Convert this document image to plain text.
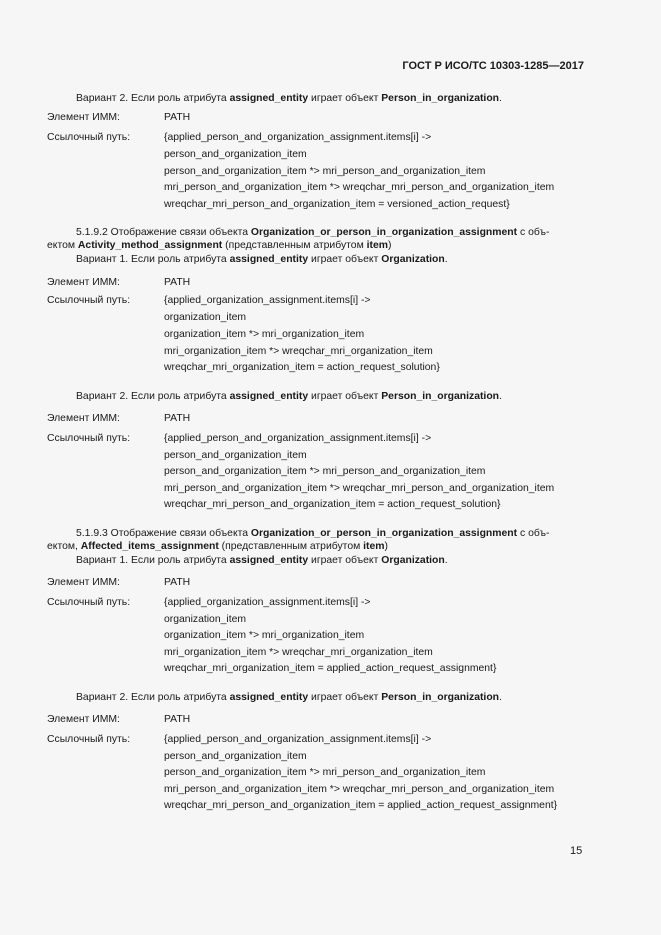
ГОСТ Р ИСО/ТС 10303-1285—2017
Вариант 2. Если роль атрибута assigned_entity играет объект Person_in_organization.
Элемент ИММ:	PATH
Ссылочный путь:	{applied_person_and_organization_assignment.items[i] ->
person_and_organization_item
person_and_organization_item *> mri_person_and_organization_item
mri_person_and_organization_item *> wreqchar_mri_person_and_organization_item
wreqchar_mri_person_and_organization_item = versioned_action_request}
5.1.9.2 Отображение связи объекта Organization_or_person_in_organization_assignment с объ-
ектом Activity_method_assignment (представленным атрибутом item)
Вариант 1. Если роль атрибута assigned_entity играет объект Organization.
Элемент ИММ:	PATH
Ссылочный путь:	{applied_organization_assignment.items[i] ->
organization_item
organization_item *> mri_organization_item
mri_organization_item *> wreqchar_mri_organization_item
wreqchar_mri_organization_item = action_request_solution}
Вариант 2. Если роль атрибута assigned_entity играет объект Person_in_organization.
Элемент ИММ:	PATH
Ссылочный путь:	{applied_person_and_organization_assignment.items[i] ->
person_and_organization_item
person_and_organization_item *> mri_person_and_organization_item
mri_person_and_organization_item *> wreqchar_mri_person_and_organization_item
wreqchar_mri_person_and_organization_item = action_request_solution}
5.1.9.3 Отображение связи объекта Organization_or_person_in_organization_assignment с объ-
ектом, Affected_items_assignment (представленным атрибутом item)
Вариант 1. Если роль атрибута assigned_entity играет объект Organization.
Элемент ИММ:	PATH
Ссылочный путь:	{applied_organization_assignment.items[i] ->
organization_item
organization_item *> mri_organization_item
mri_organization_item *> wreqchar_mri_organization_item
wreqchar_mri_organization_item = applied_action_request_assignment}
Вариант 2. Если роль атрибута assigned_entity играет объект Person_in_organization.
Элемент ИММ:	PATH
Ссылочный путь:	{applied_person_and_organization_assignment.items[i] ->
person_and_organization_item
person_and_organization_item *> mri_person_and_organization_item
mri_person_and_organization_item *> wreqchar_mri_person_and_organization_item
wreqchar_mri_person_and_organization_item = applied_action_request_assignment}
15
